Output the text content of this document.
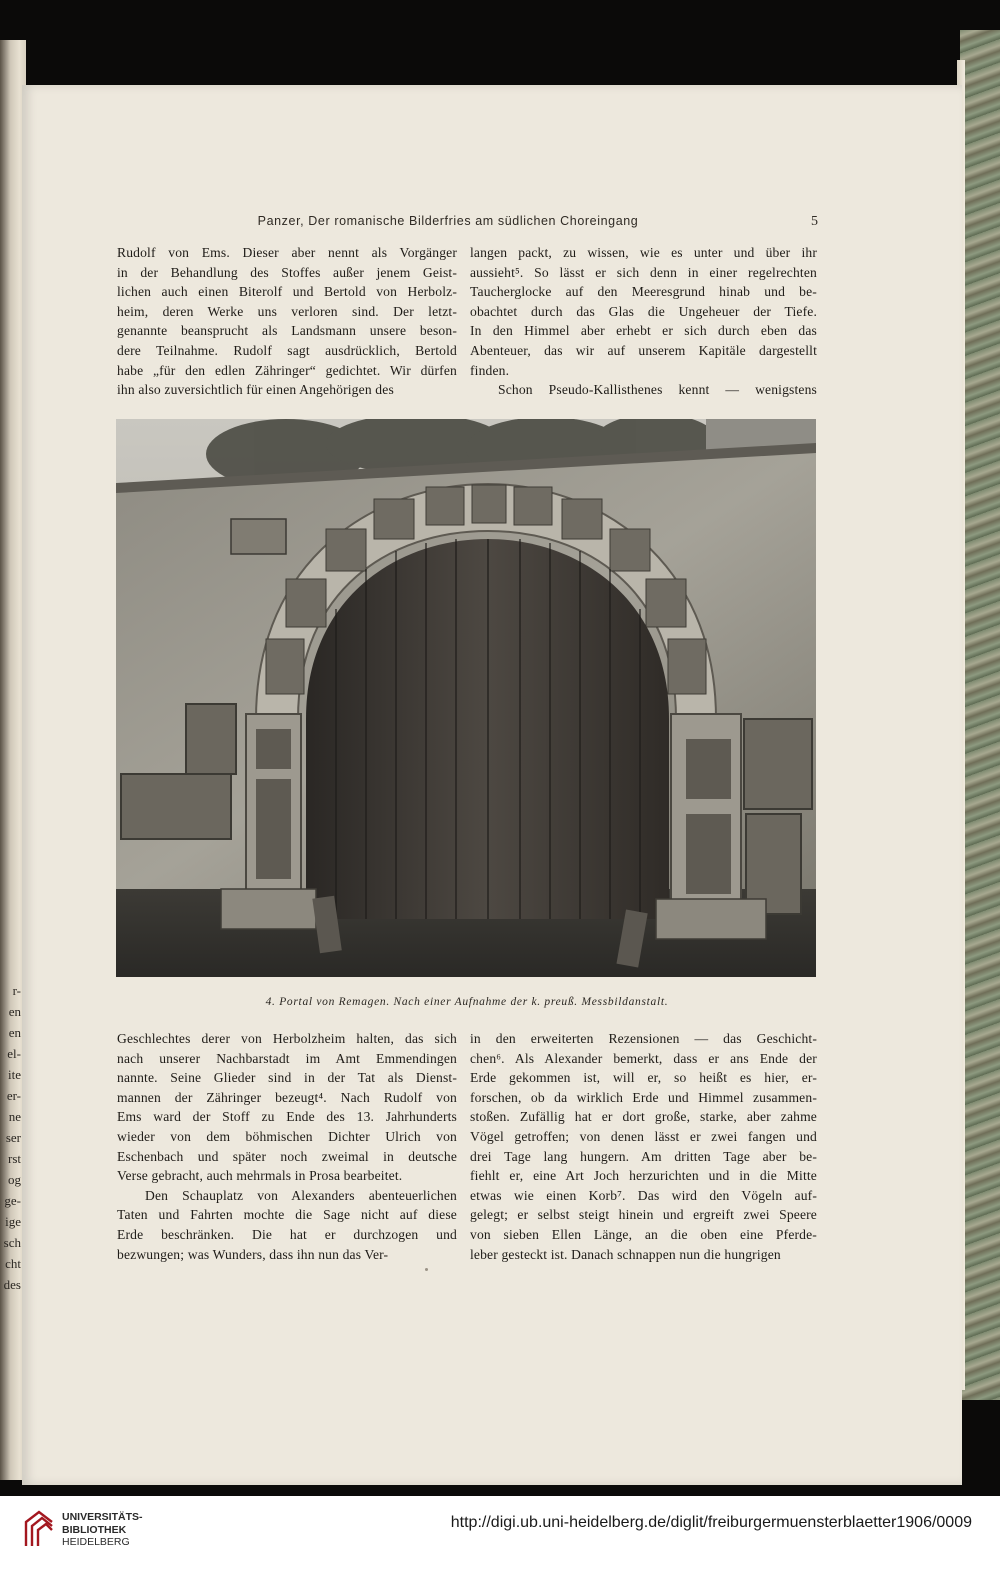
r-
en
en
el-
ite
er-
ne
ser
rst
og
ge-
ige
sch
cht
des
Panzer, Der romanische Bilderfries am südlichen Choreingang	5
Rudolf von Ems. Dieser aber nennt als Vorgänger
in der Behandlung des Stoffes außer jenem Geist-
lichen auch einen Biterolf und Bertold von Herbolz-
heim, deren Werke uns verloren sind. Der letzt-
genannte beansprucht als Landsmann unsere beson-
dere Teilnahme. Rudolf sagt ausdrücklich, Bertold
habe „für den edlen Zähringer“ gedichtet. Wir dürfen
ihn also zuversichtlich für einen Angehörigen des
langen packt, zu wissen, wie es unter und über ihr
aussieht⁵. So lässt er sich denn in einer regelrechten
Taucherglocke auf den Meeresgrund hinab und be-
obachtet durch das Glas die Ungeheuer der Tiefe.
In den Himmel aber erhebt er sich durch eben das
Abenteuer, das wir auf unserem Kapitäle dargestellt
finden.
Schon Pseudo-Kallisthenes kennt — wenigstens
4. Portal von Remagen. Nach einer Aufnahme der k. preuß. Messbildanstalt.
Geschlechtes derer von Herbolzheim halten, das sich
nach unserer Nachbarstadt im Amt Emmendingen
nannte. Seine Glieder sind in der Tat als Dienst-
mannen der Zähringer bezeugt⁴. Nach Rudolf von
Ems ward der Stoff zu Ende des 13. Jahrhunderts
wieder von dem böhmischen Dichter Ulrich von
Eschenbach und später noch zweimal in deutsche
Verse gebracht, auch mehrmals in Prosa bearbeitet.
Den Schauplatz von Alexanders abenteuerlichen
Taten und Fahrten mochte die Sage nicht auf diese
Erde beschränken. Die hat er durchzogen und
bezwungen; was Wunders, dass ihn nun das Ver-
in den erweiterten Rezensionen — das Geschicht-
chen⁶. Als Alexander bemerkt, dass er ans Ende der
Erde gekommen ist, will er, so heißt es hier, er-
forschen, ob da wirklich Erde und Himmel zusammen-
stoßen. Zufällig hat er dort große, starke, aber zahme
Vögel getroffen; von denen lässt er zwei fangen und
drei Tage lang hungern. Am dritten Tage aber be-
fiehlt er, eine Art Joch herzurichten und in die Mitte
etwas wie einen Korb⁷. Das wird den Vögeln auf-
gelegt; er selbst steigt hinein und ergreift zwei Speere
von sieben Ellen Länge, an die oben eine Pferde-
leber gesteckt ist. Danach schnappen nun die hungrigen
UNIVERSITÄTS-
BIBLIOTHEK
HEIDELBERG
http://digi.ub.uni-heidelberg.de/diglit/freiburgermuensterblaetter1906/0009
